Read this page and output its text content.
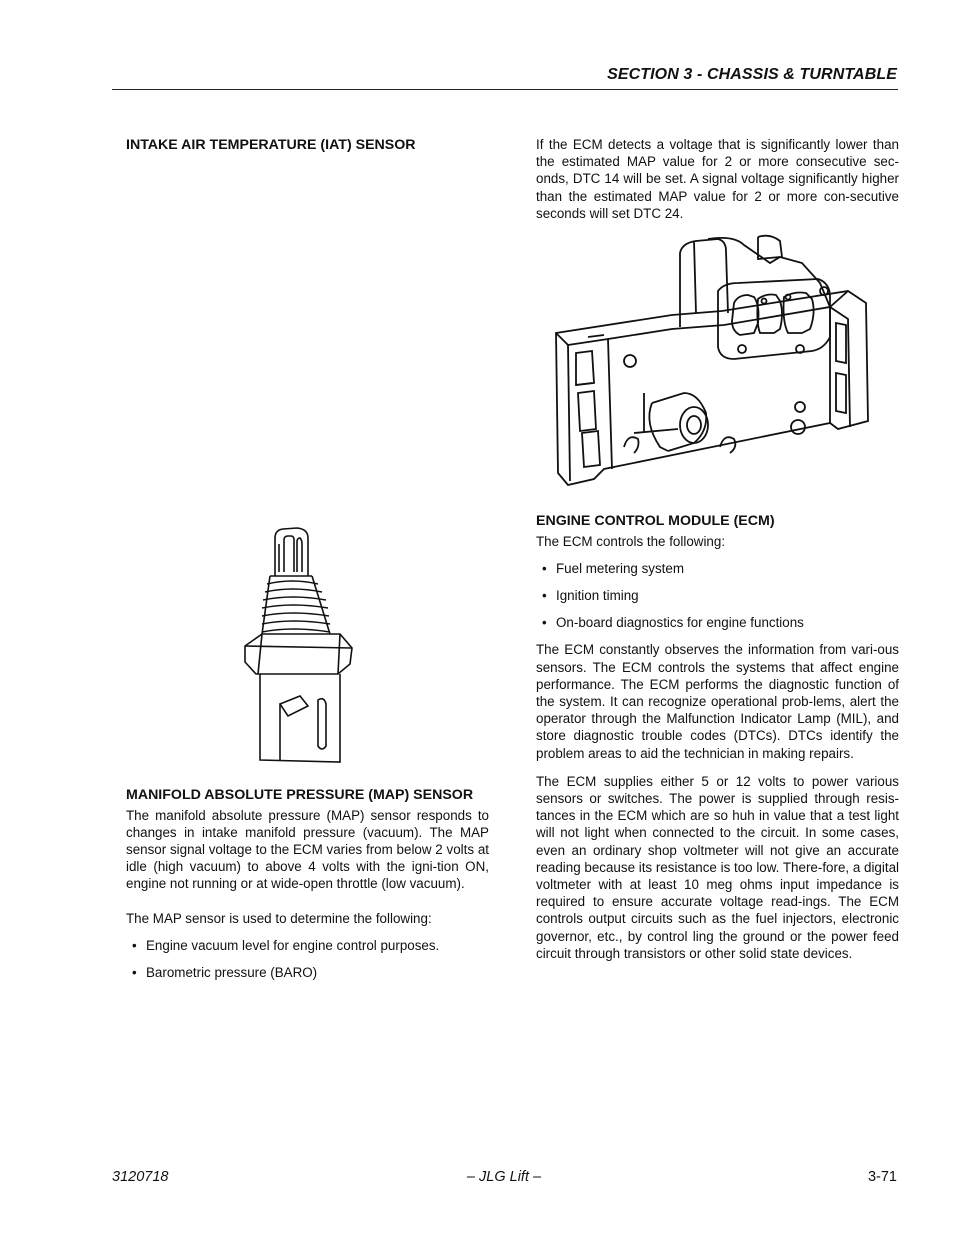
SECTION 3 - CHASSIS & TURNTABLE
INTAKE AIR TEMPERATURE (IAT) SENSOR
MANIFOLD ABSOLUTE PRESSURE (MAP) SENSOR

The manifold absolute pressure (MAP) sensor responds to changes in intake manifold pressure (vacuum). The MAP sensor signal voltage to the ECM varies from below 2 volts at idle (high vacuum) to above 4 volts with the igni-tion ON, engine not running or at wide-open throttle (low vacuum).

The MAP sensor is used to determine the following:

• Engine vacuum level for engine control purposes.
• Barometric pressure (BARO)

If the ECM detects a voltage that is significantly lower than the estimated MAP value for 2 or more consecutive sec-onds, DTC 14 will be set. A signal voltage significantly higher than the estimated MAP value for 2 or more con-secutive seconds will set DTC 24.

ENGINE CONTROL MODULE (ECM)

The ECM controls the following:

• Fuel metering system
• Ignition timing
• On-board diagnostics for engine functions

The ECM constantly observes the information from vari-ous sensors. The ECM controls the systems that affect engine performance. The ECM performs the diagnostic function of the system. It can recognize operational prob-lems, alert the operator through the Malfunction Indicator Lamp (MIL), and store diagnostic trouble codes (DTCs). DTCs identify the problem areas to aid the technician in making repairs.

The ECM supplies either 5 or 12 volts to power various sensors or switches. The power is supplied through resis-tances in the ECM which are so huh in value that a test light will not light when connected to the circuit. In some cases, even an ordinary shop voltmeter will not give an accurate reading because its resistance is too low. There-fore, a digital voltmeter with at least 10 meg ohms input impedance is required to ensure accurate voltage read-ings. The ECM controls output circuits such as the fuel injectors, electronic governor, etc., by control ling the ground or the power feed circuit through transistors or other solid state devices.

3120718	– JLG Lift –	3-71
